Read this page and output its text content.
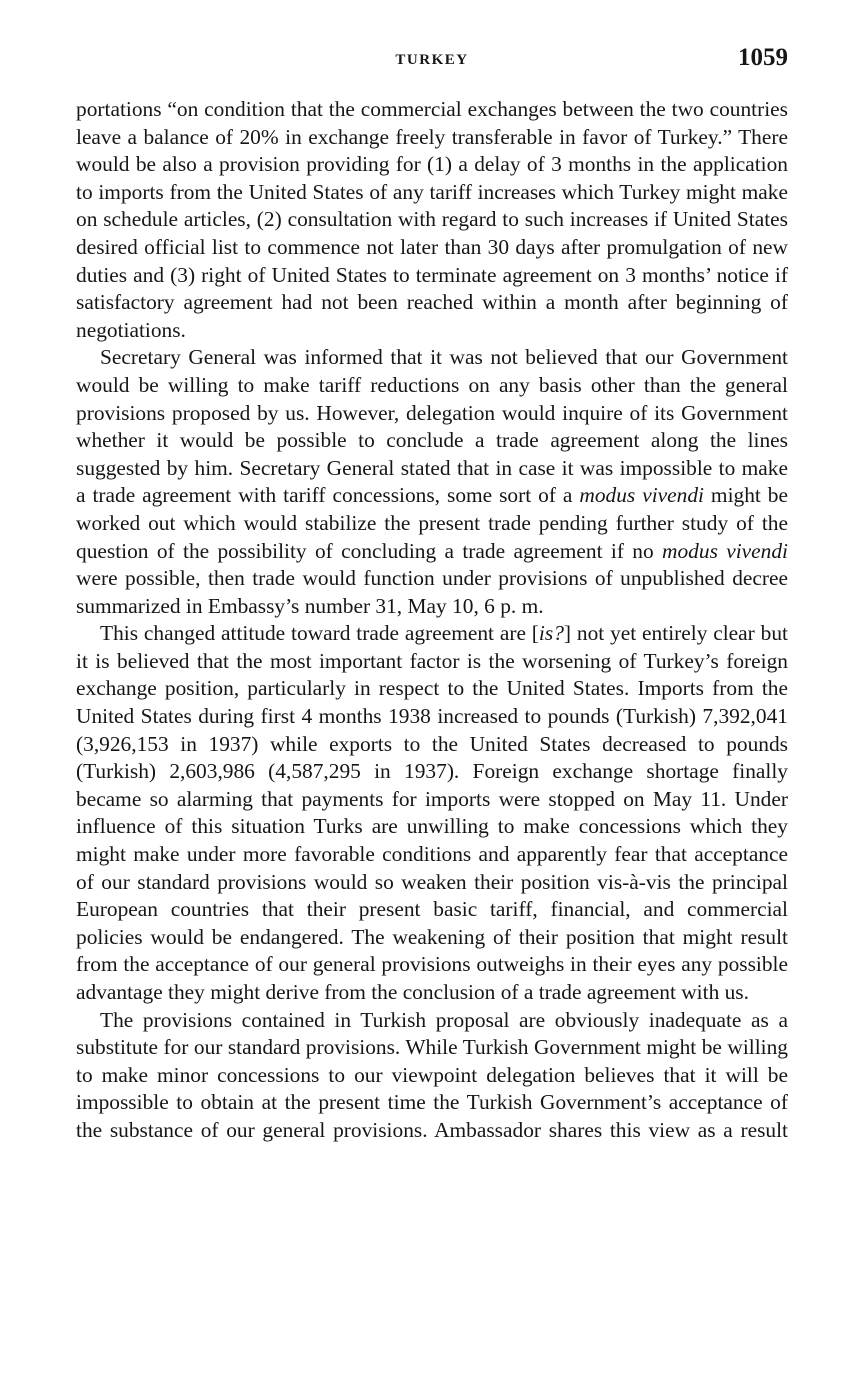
TURKEY	1059

portations “on condition that the commercial exchanges between the two countries leave a balance of 20% in exchange freely transferable in favor of Turkey.” There would be also a provision providing for (1) a delay of 3 months in the application to imports from the United States of any tariff increases which Turkey might make on schedule articles, (2) consultation with regard to such increases if United States desired official list to commence not later than 30 days after promulgation of new duties and (3) right of United States to terminate agreement on 3 months’ notice if satisfactory agreement had not been reached within a month after beginning of negotiations.

Secretary General was informed that it was not believed that our Government would be willing to make tariff reductions on any basis other than the general provisions proposed by us. However, delegation would inquire of its Government whether it would be possible to conclude a trade agreement along the lines suggested by him. Secretary General stated that in case it was impossible to make a trade agreement with tariff concessions, some sort of a modus vivendi might be worked out which would stabilize the present trade pending further study of the question of the possibility of concluding a trade agreement if no modus vivendi were possible, then trade would function under provisions of unpublished decree summarized in Embassy’s number 31, May 10, 6 p. m.

This changed attitude toward trade agreement are [is?] not yet entirely clear but it is believed that the most important factor is the worsening of Turkey’s foreign exchange position, particularly in respect to the United States. Imports from the United States during first 4 months 1938 increased to pounds (Turkish) 7,392,041 (3,926,153 in 1937) while exports to the United States decreased to pounds (Turkish) 2,603,986 (4,587,295 in 1937). Foreign exchange shortage finally became so alarming that payments for imports were stopped on May 11. Under influence of this situation Turks are unwilling to make concessions which they might make under more favorable conditions and apparently fear that acceptance of our standard provisions would so weaken their position vis-à-vis the principal European countries that their present basic tariff, financial, and commercial policies would be endangered. The weakening of their position that might result from the acceptance of our general provisions outweighs in their eyes any possible advantage they might derive from the conclusion of a trade agreement with us.

The provisions contained in Turkish proposal are obviously inadequate as a substitute for our standard provisions. While Turkish Government might be willing to make minor concessions to our viewpoint delegation believes that it will be impossible to obtain at the present time the Turkish Government’s acceptance of the substance of our general provisions. Ambassador shares this view as a result
